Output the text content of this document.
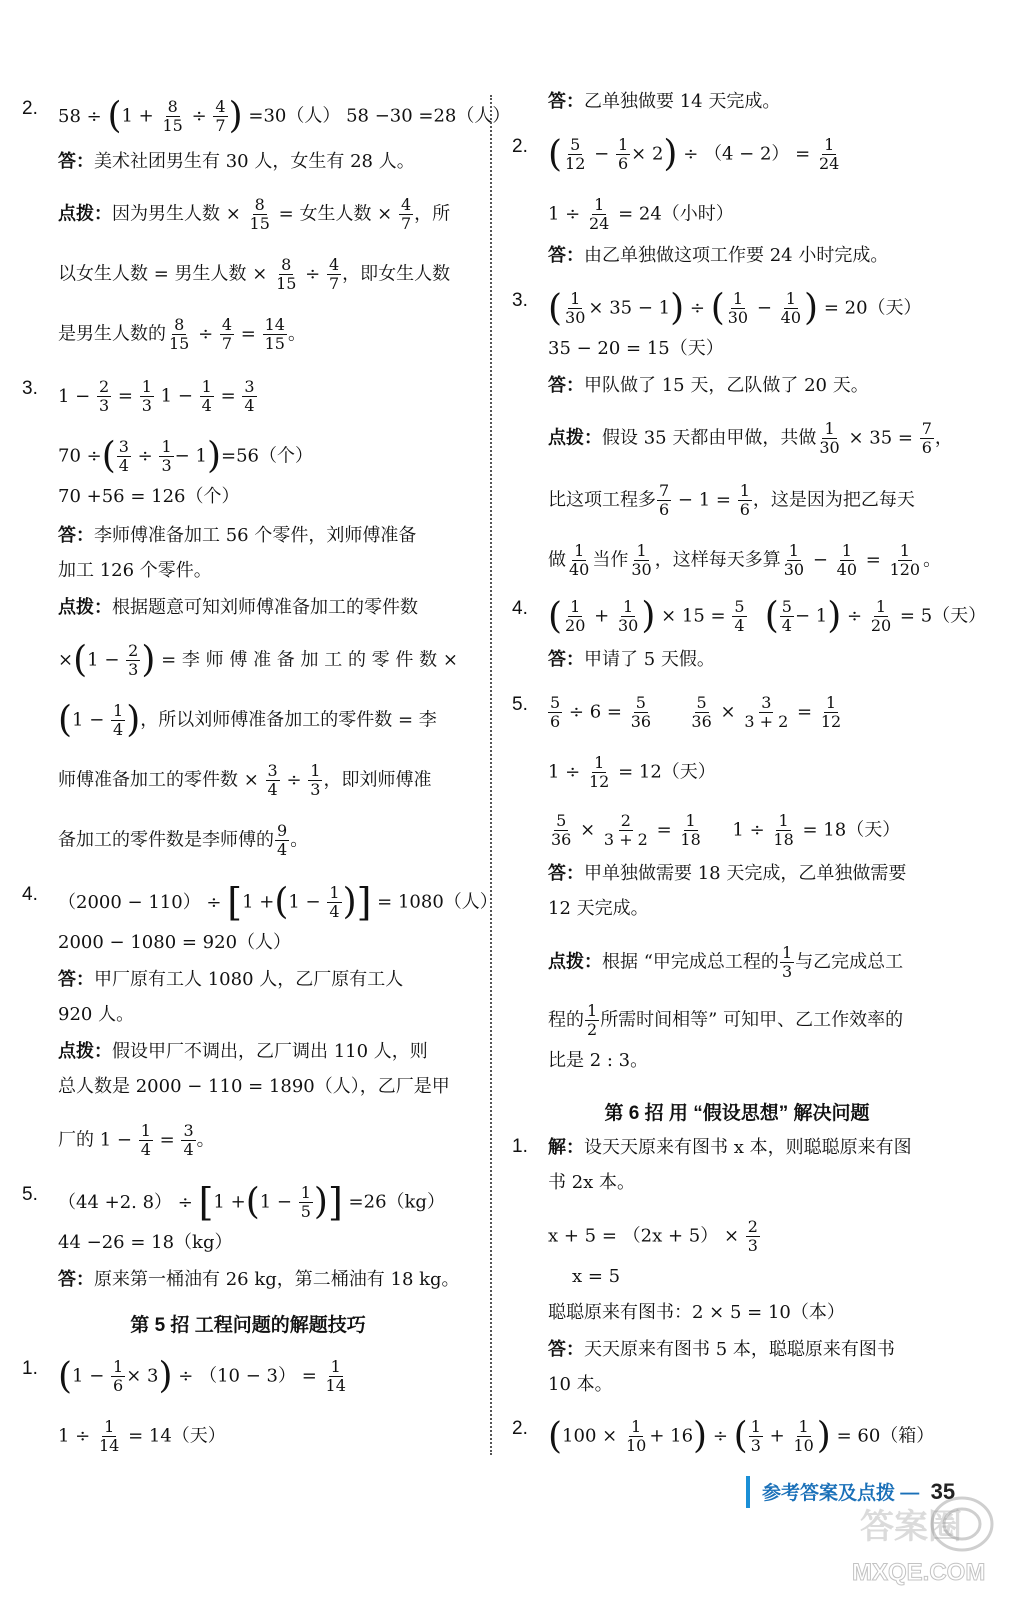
2. $58 \div (1 + \frac{8}{15} \div \frac{4}{7}$ ) =30（人） 58 −30 =28（人）
答：美术社团男生有 30 人，女生有 28 人。
点拨：因为男生人数 × $\frac{8}{15}$ = 女生人数 × $\frac{4}{7}$ ，所
以女生人数 = 男生人数 × $\frac{8}{15} \div \frac{4}{7}$ ，即女生人数
是男生人数的 $\frac{8}{15} \div \frac{4}{7} = \frac{14}{15}$ 。
3. $1 - \frac{2}{3} = \frac{1}{3} 1 - \frac{1}{4} = \frac{3}{4}$
70 ÷( $\frac{3}{4} \div \frac{1}{3} - 1)=56$（个）
70 +56 = 126（个）
答：李师傅准备加工 56 个零件，刘师傅准备
加工 126 个零件。
点拨：根据题意可知刘师傅准备加工的零件数
$\times(1 - \frac{2}{3}$ ) = 李 师 傅 准 备 加 工 的 零 件 数 ×
($1 - \frac{1}{4}$ )，所以刘师傅准备加工的零件数 = 李
师傅准备加工的零件数 × $\frac{3}{4} \div \frac{1}{3}$ ，即刘师傅准
备加工的零件数是李师傅的 $\frac{9}{4}$ 。
4. $(2000 - 110) \div [1 +(1 - \frac{1}{4}$ )] = 1080（人）
2000 − 1080 = 920（人）
答：甲厂原有工人 1080 人，乙厂原有工人
920 人。
点拨：假设甲厂不调出，乙厂调出 110 人，则
总人数是 2000 − 110 = 1890（人），乙厂是甲
厂的 $1 - \frac{1}{4} = \frac{3}{4}$ 。
5. （44 +2. $8) \div [1 +(1 - \frac{1}{5}$ )] =26（kg）
44 −26 = 18（kg）
答：原来第一桶油有 26 kg，第二桶油有 18 kg。
第 5 招 工程问题的解题技巧
1. $(1 - \frac{1}{6} \times 3) \div (10 - 3) = \frac{1}{14}$
$1 \div \frac{1}{14} = 14$（天）
答：乙单独做要 14 天完成。
2. ( $\frac{5}{12} - \frac{1}{6} \times 2) \div (4 - 2) = \frac{1}{24}$
$1 \div \frac{1}{24} = 24$（小时）
答：由乙单独做这项工作要 24 小时完成。
3. ( $\frac{1}{30} \times 35 - 1$) ÷ ( $\frac{1}{30} - \frac{1}{40}$ ) = 20（天）
35 − 20 = 15（天）
答：甲队做了 15 天，乙队做了 20 天。
点拨：假设 35 天都由甲做，共做 $\frac{1}{30} \times 35 = \frac{7}{6}$ ，
比这项工程多 $\frac{7}{6} - 1 = \frac{1}{6}$ ，这是因为把乙每天
做 $\frac{1}{40}$ 当作 $\frac{1}{30}$ ，这样每天多算 $\frac{1}{30} - \frac{1}{40} = \frac{1}{120}$ 。
4. ( $\frac{1}{20} + \frac{1}{30}$ ) × $15 = \frac{5}{4}$ ( $\frac{5}{4} - 1) \div \frac{1}{20} = 5$（天）
答：甲请了 5 天假。
5. $\frac{5}{6} \div 6 = \frac{5}{36}$
$\frac{5}{36} \times \frac{3}{3 + 2} = \frac{1}{12}$
$1 \div \frac{1}{12} = 12$（天）
$\frac{5}{36} \times \frac{2}{3 + 2} = \frac{1}{18} 1 \div \frac{1}{18} = 18$（天）
答：甲单独做需要 18 天完成，乙单独做需要
12 天完成。
点拨：根据 “甲完成总工程的 $\frac{1}{3}$ 与乙完成总工
程的 $\frac{1}{2}$ 所需时间相等” 可知甲、乙工作效率的
比是 2 : 3。
第 6 招 用 “假设思想” 解决问题
1. 解：设天天原来有图书 x 本，则聪聪原来有图
书 2x 本。
$x + 5 = (2x + 5) \times \frac{2}{3}$
x = 5
聪聪原来有图书：2 × 5 = 10（本）
答：天天原来有图书 5 本，聪聪原来有图书
10 本。
2. $(100 \times \frac{1}{10} + 16)$ ÷ ( $\frac{1}{3} + \frac{1}{10}$ ) = 60（箱）
参考答案及点拨 — 35
答案圈
MXQE.COM
